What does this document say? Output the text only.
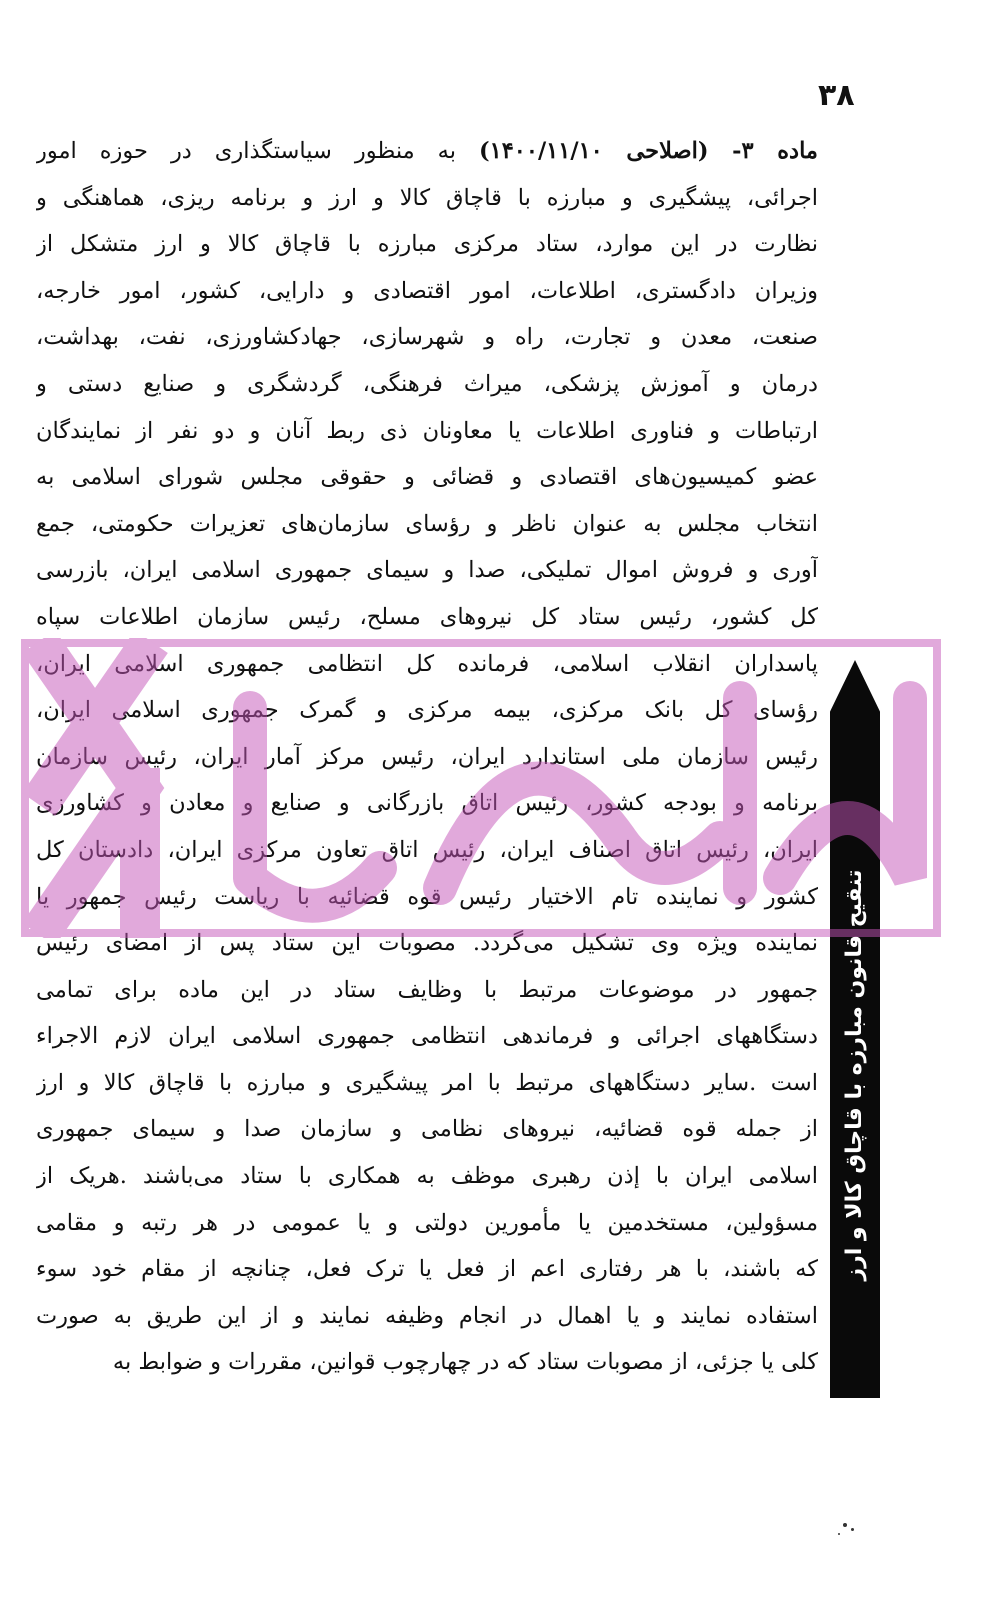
۳۸
ماده ۳- (اصلاحی ۱۴۰۰/۱۱/۱۰) به منظور سیاستگذاری در حوزه امور
اجرائی، پیشگیری و مبارزه با قاچاق کالا و ارز و برنامه ریزی، هماهنگی و
نظارت در این موارد، ستاد مرکزی مبارزه با قاچاق کالا و ارز متشکل از
وزیران دادگستری، اطلاعات، امور اقتصادی و دارایی، کشور، امور خارجه،
صنعت، معدن و تجارت، راه و شهرسازی، جهادکشاورزی، نفت، بهداشت،
درمان و آموزش پزشکی، میراث فرهنگی، گردشگری و صنایع دستی و
ارتباطات و فناوری اطلاعات یا معاونان ذی ربط آنان و دو نفر از نمایندگان
عضو کمیسیون‌های اقتصادی و قضائی و حقوقی مجلس شورای اسلامی به
انتخاب مجلس به عنوان ناظر و رؤسای سازمان‌های تعزیرات حکومتی، جمع
آوری و فروش اموال تملیکی، صدا و سیمای جمهوری اسلامی ایران، بازرسی
کل کشور، رئیس ستاد کل نیروهای مسلح، رئیس سازمان اطلاعات سپاه
پاسداران انقلاب اسلامی، فرمانده کل انتظامی جمهوری اسلامی ایران،
رؤسای کل بانک مرکزی، بیمه مرکزی و گمرک جمهوری اسلامی ایران،
رئیس سازمان ملی استاندارد ایران، رئیس مرکز آمار ایران، رئیس سازمان
برنامه و بودجه کشور، رئیس اتاق بازرگانی و صنایع و معادن و کشاورزی
ایران، رئیس اتاق اصناف ایران، رئیس اتاق تعاون مرکزی ایران، دادستان کل
کشور و نماینده تام الاختیار رئیس قوه قضائیه با ریاست رئیس جمهور یا
نماینده ویژه وی تشکیل می‌گردد. مصوبات این ستاد پس از امضای رئیس
جمهور در موضوعات مرتبط با وظایف ستاد در این ماده برای تمامی
دستگاههای اجرائی و فرماندهی انتظامی جمهوری اسلامی ایران لازم الاجراء
است .سایر دستگاههای مرتبط با امر پیشگیری و مبارزه با قاچاق کالا و ارز
از جمله قوه قضائیه، نیروهای نظامی و سازمان صدا و سیمای جمهوری
اسلامی ایران با إذن رهبری موظف به همکاری با ستاد می‌باشند .هریک از
مسؤولین، مستخدمین یا مأمورین دولتی و یا عمومی در هر رتبه و مقامی
که باشند، با هر رفتاری اعم از فعل یا ترک فعل، چنانچه از مقام خود سوء
استفاده نمایند و یا اهمال در انجام وظیفه نمایند و از این طریق به صورت
کلی یا جزئی، از مصوبات ستاد که در چهارچوب قوانین، مقررات و ضوابط به
تنقیح قانون مبارزه با قاچاق کالا و ارز
